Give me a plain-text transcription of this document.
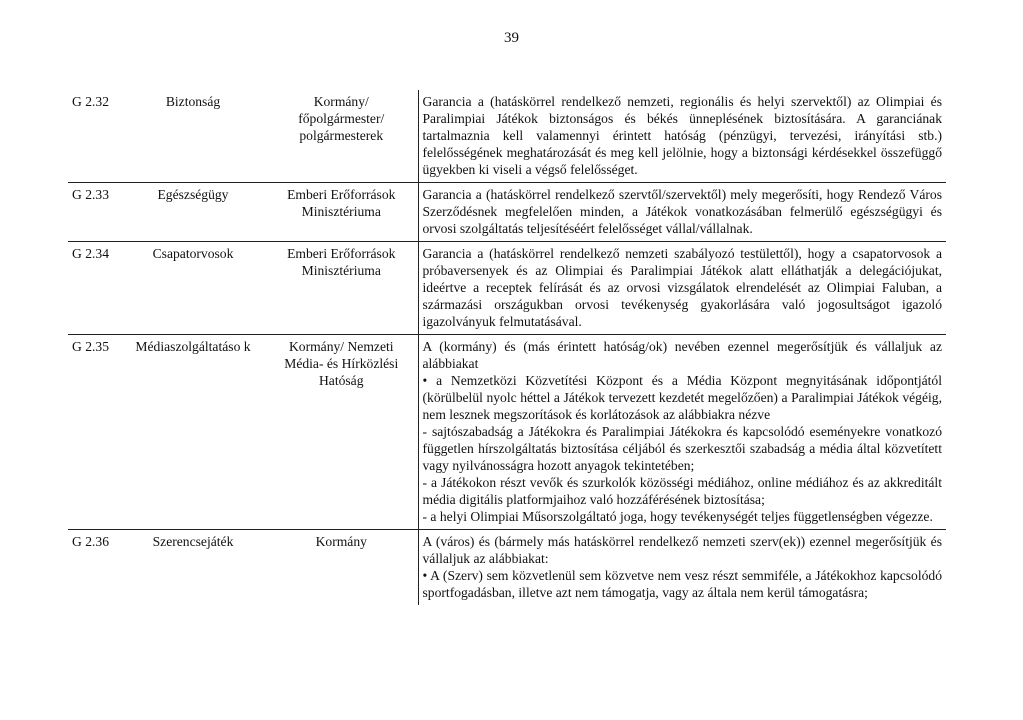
39
G 2.32	Biztonság	Kormány/ főpolgármester/ polgármesterek	Garancia a (hatáskörrel rendelkező nemzeti, regionális és helyi szervektől) az Olimpiai és Paralimpiai Játékok biztonságos és békés ünneplésének biztosítására. A garanciának tartalmaznia kell valamennyi érintett hatóság (pénzügyi, tervezési, irányítási stb.) felelősségének meghatározását és meg kell jelölnie, hogy a biztonsági kérdésekkel összefüggő ügyekben ki viseli a végső felelősséget.

G 2.33	Egészségügy	Emberi Erőforrások Minisztériuma	Garancia a (hatáskörrel rendelkező szervtől/szervektől) mely megerősíti, hogy Rendező Város Szerződésnek megfelelően minden, a Játékok vonatkozásában felmerülő egészségügyi és orvosi szolgáltatás teljesítéséért felelősséget vállal/vállalnak.

G 2.34	Csapatorvosok	Emberi Erőforrások Minisztériuma	Garancia a (hatáskörrel rendelkező nemzeti szabályozó testülettől), hogy a csapatorvosok a próbaversenyek és az Olimpiai és Paralimpiai Játékok alatt elláthatják a delegációjukat, ideértve a receptek felírását és az orvosi vizsgálatok elrendelését az Olimpiai Faluban, a származási országukban orvosi tevékenység gyakorlására való jogosultságot igazoló igazolványuk felmutatásával.

G 2.35	Médiaszolgáltatáso k	Kormány/ Nemzeti Média- és Hírközlési Hatóság	A (kormány) és (más érintett hatóság/ok) nevében ezennel megerősítjük és vállaljuk az alábbiakat

• a Nemzetközi Közvetítési Központ és a Média Központ megnyitásának időpontjától (körülbelül nyolc héttel a Játékok tervezett kezdetét megelőzően) a Paralimpiai Játékok végéig, nem lesznek megszorítások és korlátozások az alábbiakra nézve

- sajtószabadság a Játékokra és Paralimpiai Játékokra és kapcsolódó eseményekre vonatkozó független hírszolgáltatás biztosítása céljából és szerkesztői szabadság a média által közvetített vagy nyilvánosságra hozott anyagok tekintetében;

- a Játékokon részt vevők és szurkolók közösségi médiához, online médiához és az akkreditált média digitális platformjaihoz való hozzáférésének biztosítása;

- a helyi Olimpiai Műsorszolgáltató joga, hogy tevékenységét teljes függetlenségben végezze.

G 2.36	Szerencsejáték	Kormány	A (város) és (bármely más hatáskörrel rendelkező nemzeti szerv(ek)) ezennel megerősítjük és vállaljuk az alábbiakat:

• A (Szerv) sem közvetlenül sem közvetve nem vesz részt semmiféle, a Játékokhoz kapcsolódó sportfogadásban, illetve azt nem támogatja, vagy az általa nem kerül támogatásra;
